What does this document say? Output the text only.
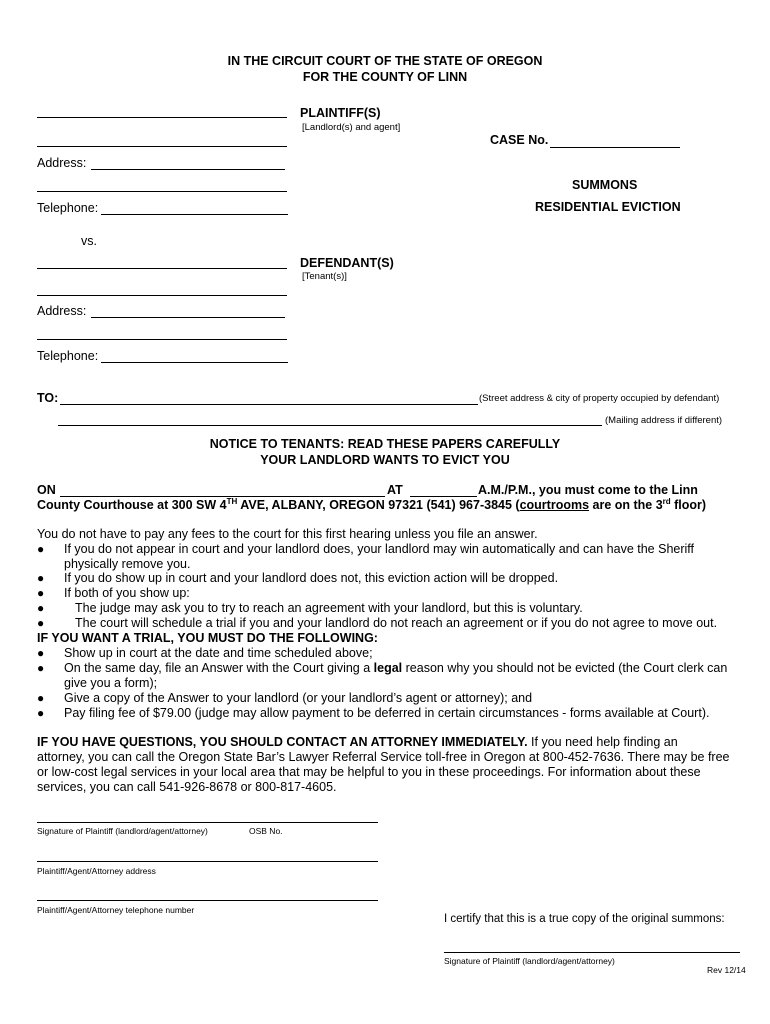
IN THE CIRCUIT COURT OF THE STATE OF OREGON
FOR THE COUNTY OF LINN
PLAINTIFF(S)
[Landlord(s) and agent]
CASE No.
Address:
SUMMONS
RESIDENTIAL EVICTION
Telephone:
vs.
DEFENDANT(S)
[Tenant(s)]
Address:
Telephone:
TO:	(Street address & city of property occupied by defendant)
(Mailing address if different)
NOTICE TO TENANTS: READ THESE PAPERS CAREFULLY
YOUR LANDLORD WANTS TO EVICT YOU
ON	AT	A.M./P.M., you must come to the Linn
County Courthouse at 300 SW 4TH AVE, ALBANY, OREGON 97321 (541) 967-3845 (courtrooms are on the 3rd floor)
You do not have to pay any fees to the court for this first hearing unless you file an answer.
● If you do not appear in court and your landlord does, your landlord may win automatically and can have the Sheriff
physically remove you.
● If you do show up in court and your landlord does not, this eviction action will be dropped.
● If both of you show up:
● The judge may ask you to try to reach an agreement with your landlord, but this is voluntary.
● The court will schedule a trial if you and your landlord do not reach an agreement or if you do not agree to move out.
IF YOU WANT A TRIAL, YOU MUST DO THE FOLLOWING:
● Show up in court at the date and time scheduled above;
● On the same day, file an Answer with the Court giving a legal reason why you should not be evicted (the Court clerk can
give you a form);
● Give a copy of the Answer to your landlord (or your landlord’s agent or attorney); and
● Pay filing fee of $79.00 (judge may allow payment to be deferred in certain circumstances - forms available at Court).
IF YOU HAVE QUESTIONS, YOU SHOULD CONTACT AN ATTORNEY IMMEDIATELY. If you need help finding an
attorney, you can call the Oregon State Bar’s Lawyer Referral Service toll-free in Oregon at 800-452-7636. There may be free
or low-cost legal services in your local area that may be helpful to you in these proceedings. For information about these
services, you can call 541-926-8678 or 800-817-4605.
Signature of Plaintiff (landlord/agent/attorney)	OSB No.
Plaintiff/Agent/Attorney address
Plaintiff/Agent/Attorney telephone number
I certify that this is a true copy of the original summons:
Signature of Plaintiff (landlord/agent/attorney)
Rev 12/14
